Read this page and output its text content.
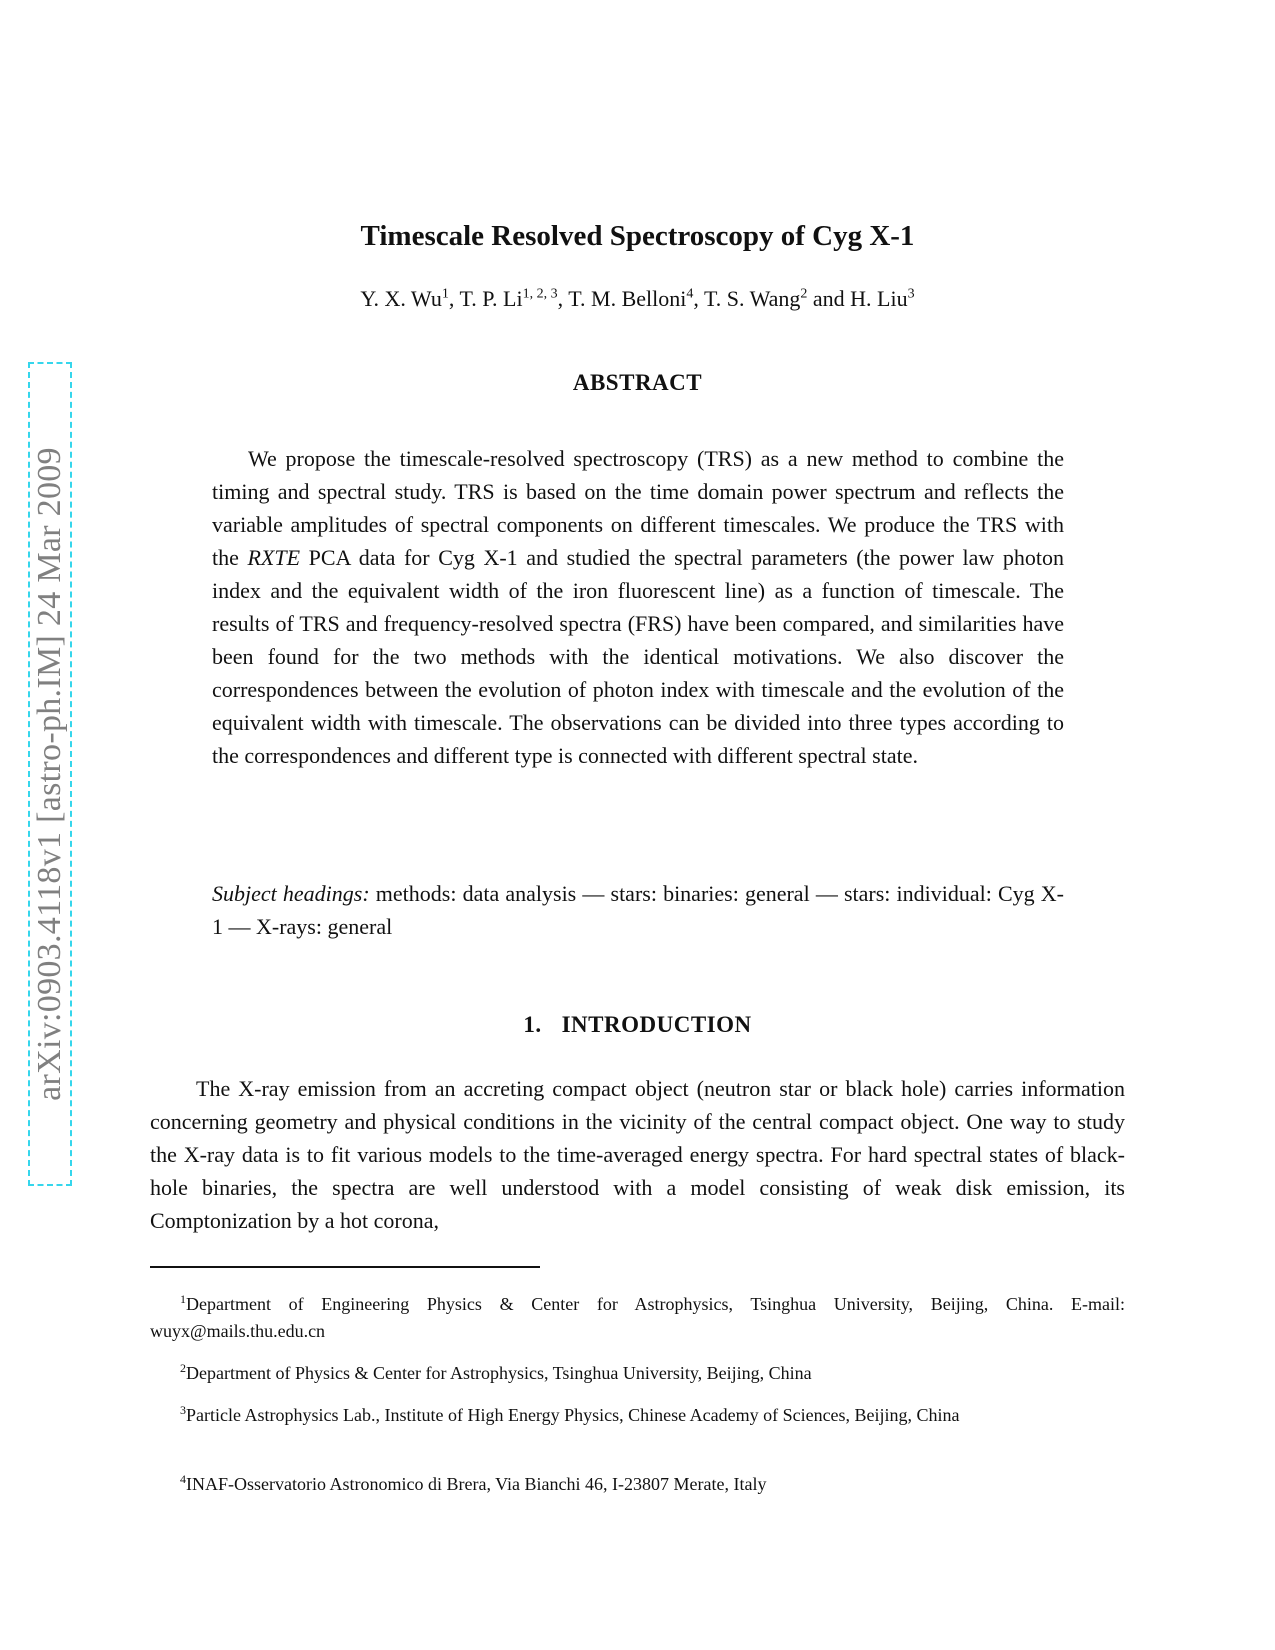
arXiv:0903.4118v1 [astro-ph.IM] 24 Mar 2009
Timescale Resolved Spectroscopy of Cyg X-1
Y. X. Wu$^1$, T. P. Li$^{1, 2, 3}$, T. M. Belloni$^4$, T. S. Wang$^2$ and H. Liu$^3$
ABSTRACT

We propose the timescale-resolved spectroscopy (TRS) as a new method to combine the timing and spectral study. TRS is based on the time domain power spectrum and reflects the variable amplitudes of spectral components on different timescales. We produce the TRS with the RXTE PCA data for Cyg X-1 and studied the spectral parameters (the power law photon index and the equivalent width of the iron fluorescent line) as a function of timescale. The results of TRS and frequency-resolved spectra (FRS) have been compared, and similarities have been found for the two methods with the identical motivations. We also discover the correspondences between the evolution of photon index with timescale and the evolution of the equivalent width with timescale. The observations can be divided into three types according to the correspondences and different type is connected with different spectral state.

Subject headings: methods: data analysis — stars: binaries: general — stars: individual: Cyg X-1 — X-rays: general

1. INTRODUCTION

The X-ray emission from an accreting compact object (neutron star or black hole) carries information concerning geometry and physical conditions in the vicinity of the central compact object. One way to study the X-ray data is to fit various models to the time-averaged energy spectra. For hard spectral states of black-hole binaries, the spectra are well understood with a model consisting of weak disk emission, its Comptonization by a hot corona,

$^1$Department of Engineering Physics & Center for Astrophysics, Tsinghua University, Beijing, China. E-mail: wuyx@mails.thu.edu.cn

$^2$Department of Physics & Center for Astrophysics, Tsinghua University, Beijing, China

$^3$Particle Astrophysics Lab., Institute of High Energy Physics, Chinese Academy of Sciences, Beijing, China

$^4$INAF-Osservatorio Astronomico di Brera, Via Bianchi 46, I-23807 Merate, Italy
